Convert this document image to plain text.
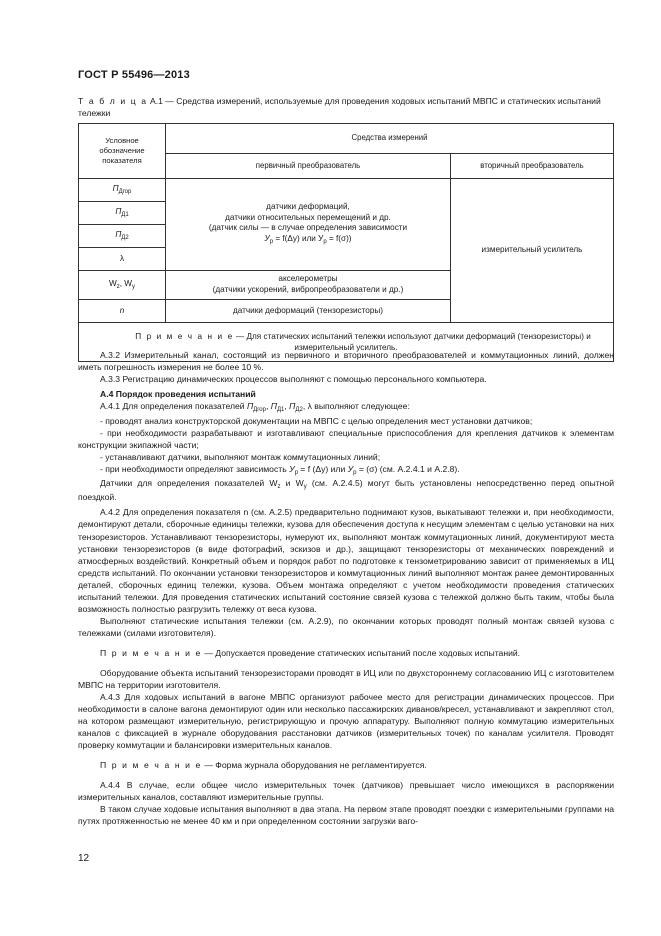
ГОСТ Р 55496—2013
Т а б л и ц а А.1 — Средства измерений, используемые для проведения ходовых испытаний МВПС и статических испытаний тележки
Условное обозначение показателя	Средства измерений	
	первичный преобразователь	вторичный преобразователь
$П_{Дгор}$	датчики деформаций,
датчики относительных перемещений и др.
(датчик силы — в случае определения зависимости
$У_р = f(\Delta y)$ или $У_р = f(\sigma)$)	измерительный усилитель
$П_{Д1}$
$П_{Д2}$
λ		
$W_z$, $W_y$	акселерометры
(датчики ускорений, вибропреобразователи и др.)	

n	датчики деформаций (тензорезисторы)	
П р и м е ч а н и е — Для статических испытаний тележки используют датчики деформаций (тензорезисторы) и измерительный усилитель.		

А.3.2 Измерительный канал, состоящий из первичного и вторичного преобразователей и коммутационных линий, должен иметь погрешность измерения не более 10 %.

А.3.3 Регистрацию динамических процессов выполняют с помощью персонального компьютера.

А.4 Порядок проведения испытаний

А.4.1 Для определения показателей $П_{Дгор}$, $П_{Д1}$, $П_{Д2}$, λ выполняют следующее:

- проводят анализ конструкторской документации на МВПС с целью определения мест установки датчиков;

- при необходимости разрабатывают и изготавливают специальные приспособления для крепления датчиков к элементам конструкции экипажной части;

- устанавливают датчики, выполняют монтаж коммутационных линий;

- при необходимости определяют зависимость $У_р = f$ (Δy) или $У_р = (\sigma)$ (см. А.2.4.1 и А.2.8).

Датчики для определения показателей $W_z$ и $W_y$ (см. А.2.4.5) могут быть установлены непосредственно перед опытной поездкой.

А.4.2 Для определения показателя n (см. А.2.5) предварительно поднимают кузов, выкатывают тележки и, при необходимости, демонтируют детали, сборочные единицы тележки, кузова для обеспечения доступа к несущим элементам с целью установки на них тензорезисторов. Устанавливают тензорезисторы, нумеруют их, выполняют монтаж коммутационных линий, документируют места установки тензорезисторов (в виде фотографий, эскизов и др.), защищают тензорезисторы от механических повреждений и атмосферных воздействий. Конкретный объем и порядок работ по подготовке к тензометрированию зависит от применяемых в ИЦ средств испытаний. По окончании установки тензорезисторов и коммутационных линий выполняют монтаж ранее демонтированных деталей, сборочных единиц тележки, кузова. Объем монтажа определяют с учетом необходимости проведения статических испытаний тележки. Для проведения статических испытаний состояние связей кузова с тележкой должно быть таким, чтобы была возможность полностью разгрузить тележку от веса кузова.

Выполняют статические испытания тележки (см. А.2.9), по окончании которых проводят полный монтаж связей кузова с тележками (силами изготовителя).

П р и м е ч а н и е — Допускается проведение статических испытаний после ходовых испытаний.

Оборудование объекта испытаний тензорезисторами проводят в ИЦ или по двухстороннему согласованию ИЦ с изготовителем МВПС на территории изготовителя.

А.4.3 Для ходовых испытаний в вагоне МВПС организуют рабочее место для регистрации динамических процессов. При необходимости в салоне вагона демонтируют один или несколько пассажирских диванов/кресел, устанавливают и закрепляют стол, на котором размещают измерительную, регистрирующую и прочую аппаратуру. Выполняют полную коммутацию измерительных каналов с фиксацией в журнале оборудования расстановки датчиков (измерительных точек) по каналам усилителя. Проводят проверку коммутации и балансировки измерительных каналов.

П р и м е ч а н и е — Форма журнала оборудования не регламентируется.

А.4.4 В случае, если общее число измерительных точек (датчиков) превышает число имеющихся в распоряжении измерительных каналов, составляют измерительные группы.

В таком случае ходовые испытания выполняют в два этапа. На первом этапе проводят поездки с измерительными группами на путях протяженностью не менее 40 км и при определенном состоянии загрузки ваго-

12
